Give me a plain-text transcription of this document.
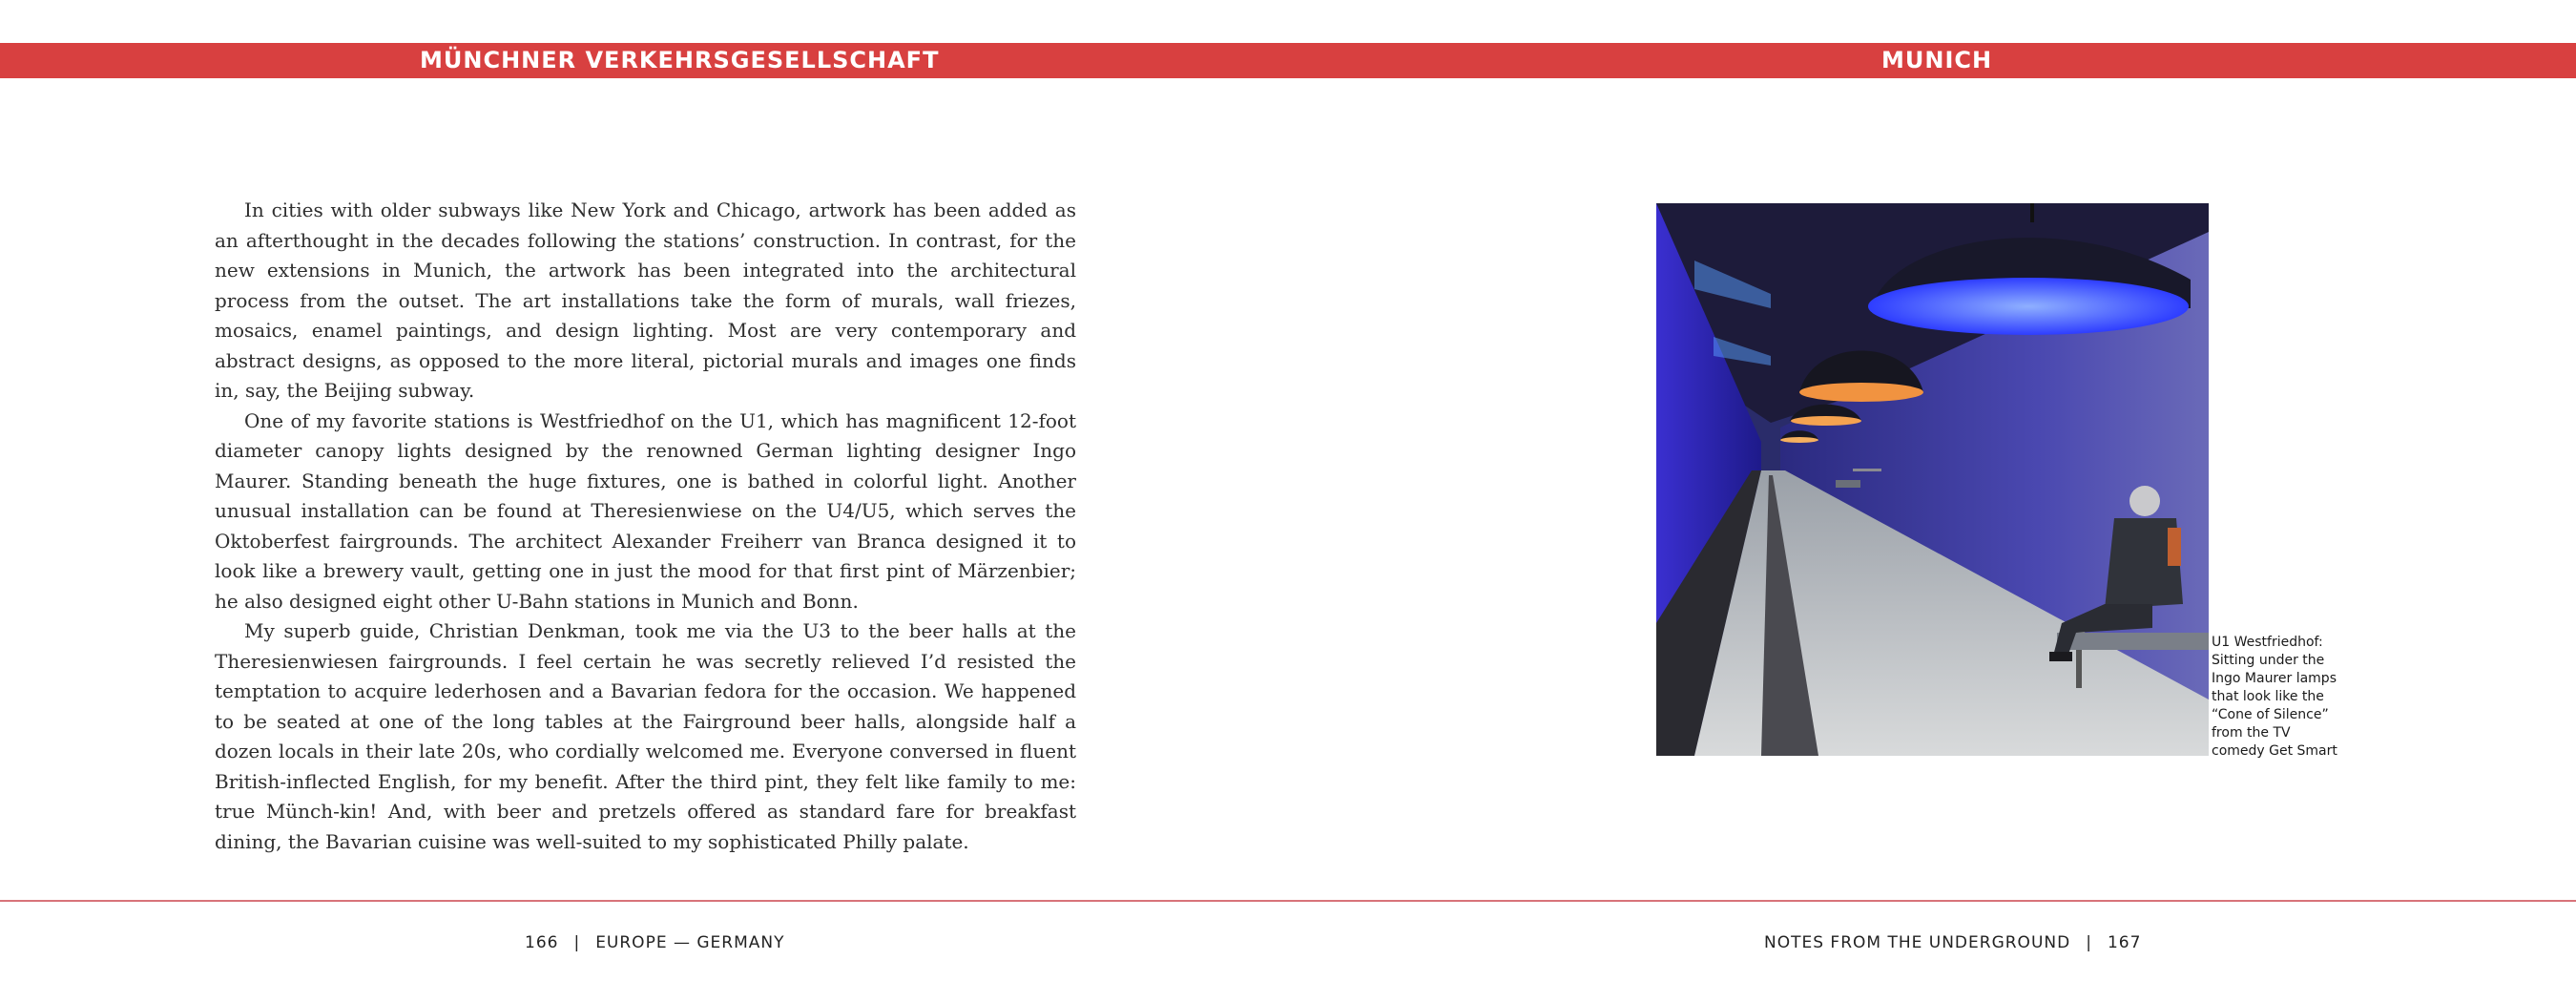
MÜNCHNER VERKEHRSGESELLSCHAFT	MUNICH

In cities with older subways like New York and Chicago, artwork has been added as an afterthought in the decades following the stations’ construction. In contrast, for the new extensions in Munich, the artwork has been integrated into the architectural process from the outset. The art installations take the form of murals, wall friezes, mosaics, enamel paintings, and design lighting. Most are very contemporary and abstract designs, as opposed to the more literal, pictorial murals and images one finds in, say, the Beijing subway.

One of my favorite stations is Westfriedhof on the U1, which has magnificent 12-foot diameter canopy lights designed by the renowned German lighting designer Ingo Maurer. Standing beneath the huge fixtures, one is bathed in colorful light. Another unusual installation can be found at Theresienwiese on the U4/U5, which serves the Oktoberfest fairgrounds. The architect Alexander Freiherr van Branca designed it to look like a brewery vault, getting one in just the mood for that first pint of Märzenbier; he also designed eight other U-Bahn stations in Munich and Bonn.

My superb guide, Christian Denkman, took me via the U3 to the beer halls at the Theresienwiesen fairgrounds. I feel certain he was secretly relieved I’d resisted the temptation to acquire lederhosen and a Bavarian fedora for the occasion. We happened to be seated at one of the long tables at the Fairground beer halls, alongside half a dozen locals in their late 20s, who cordially welcomed me. Everyone conversed in fluent British-inflected English, for my benefit. After the third pint, they felt like family to me: true Münch-kin! And, with beer and pretzels offered as standard fare for breakfast dining, the Bavarian cuisine was well-suited to my sophisticated Philly palate.

U1 Westfriedhof:
Sitting under the
Ingo Maurer lamps
that look like the
“Cone of Silence”
from the TV
comedy Get Smart
166 | EUROPE — GERMANY	NOTES FROM THE UNDERGROUND | 167
